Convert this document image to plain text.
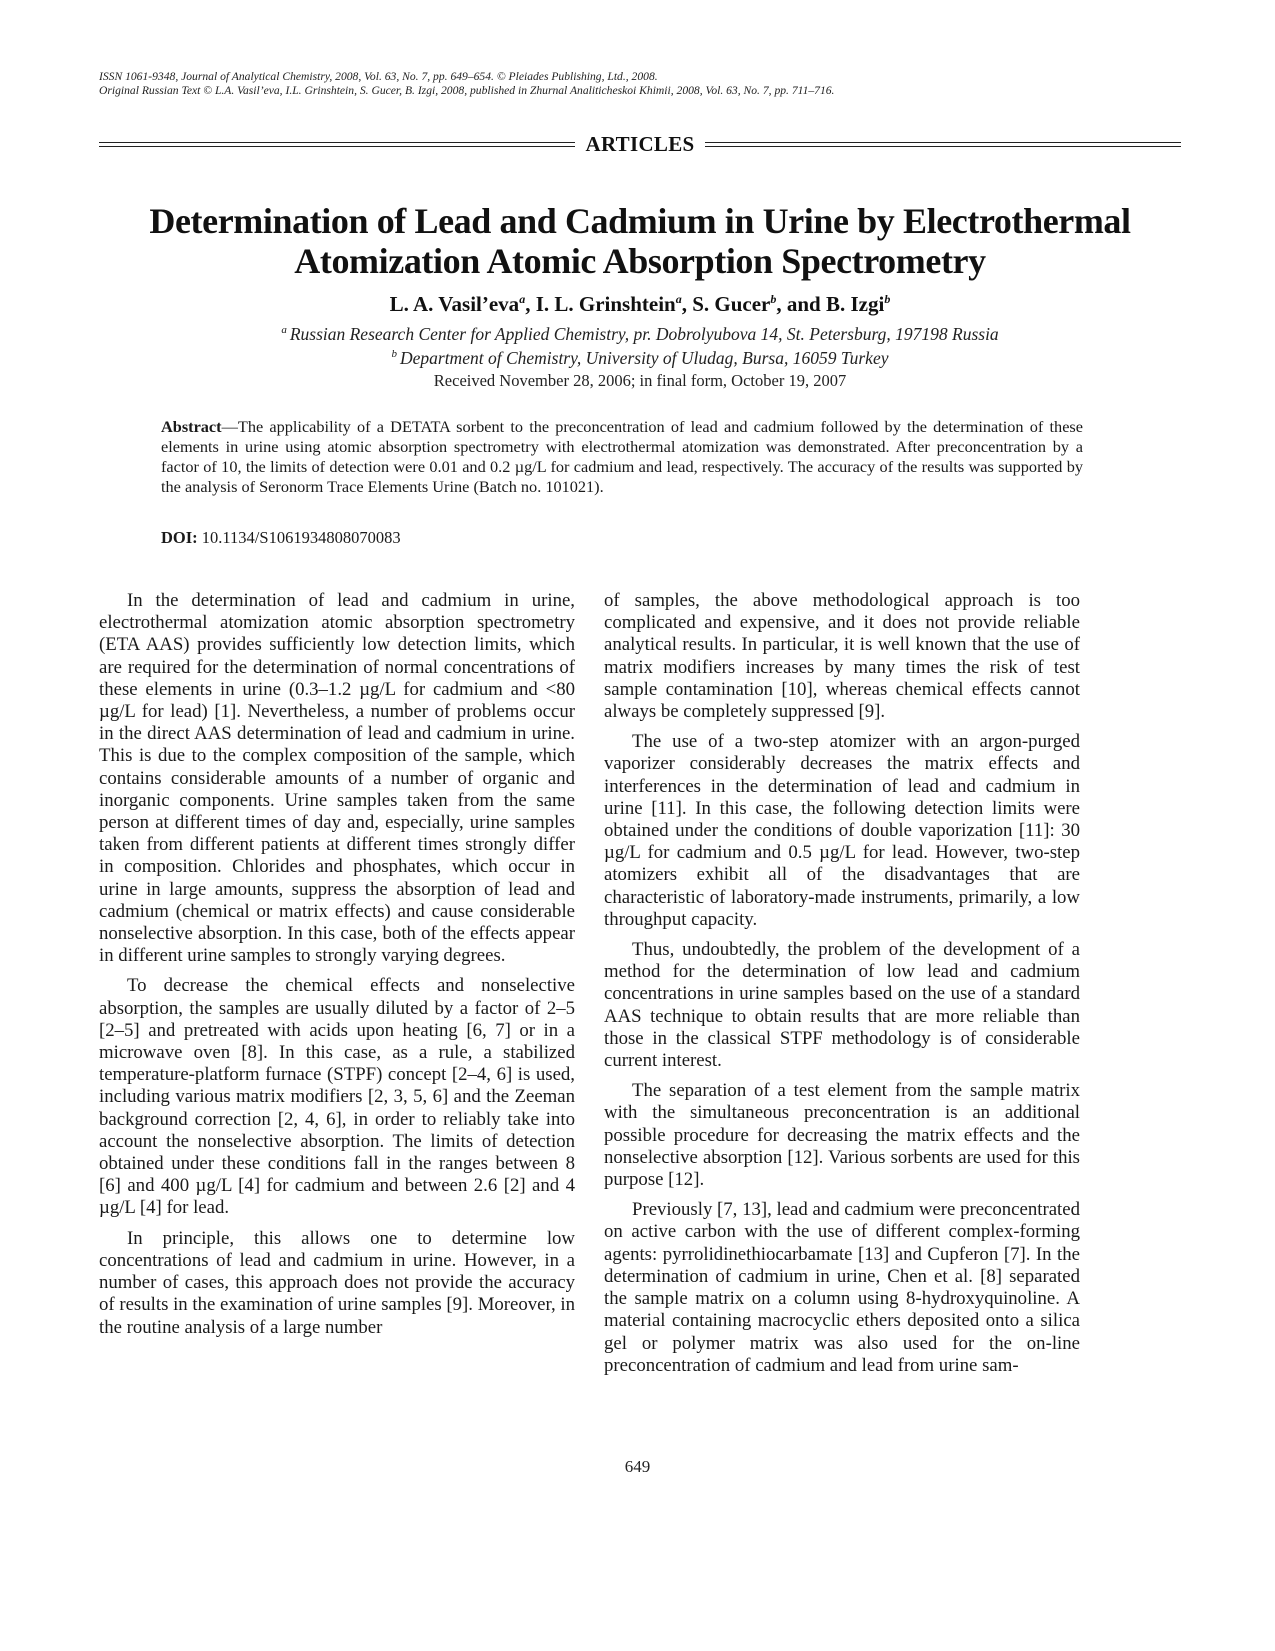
ISSN 1061-9348, Journal of Analytical Chemistry, 2008, Vol. 63, No. 7, pp. 649–654. © Pleiades Publishing, Ltd., 2008.
Original Russian Text © L.A. Vasil’eva, I.L. Grinshtein, S. Gucer, B. Izgi, 2008, published in Zhurnal Analiticheskoi Khimii, 2008, Vol. 63, No. 7, pp. 711–716.
ARTICLES
Determination of Lead and Cadmium in Urine by Electrothermal Atomization Atomic Absorption Spectrometry
L. A. Vasil’eva$^a$, I. L. Grinshtein$^a$, S. Gucer$^b$, and B. Izgi$^b$
$^a$ Russian Research Center for Applied Chemistry, pr. Dobrolyubova 14, St. Petersburg, 197198 Russia
$^b$ Department of Chemistry, University of Uludag, Bursa, 16059 Turkey
Received November 28, 2006; in final form, October 19, 2007
Abstract—The applicability of a DETATA sorbent to the preconcentration of lead and cadmium followed by the determination of these elements in urine using atomic absorption spectrometry with electrothermal atomization was demonstrated. After preconcentration by a factor of 10, the limits of detection were 0.01 and 0.2 µg/L for cadmium and lead, respectively. The accuracy of the results was supported by the analysis of Seronorm Trace Elements Urine (Batch no. 101021).
DOI: 10.1134/S1061934808070083

In the determination of lead and cadmium in urine, electrothermal atomization atomic absorption spectrometry (ETA AAS) provides sufficiently low detection limits, which are required for the determination of normal concentrations of these elements in urine (0.3–1.2 µg/L for cadmium and <80 µg/L for lead) [1]. Nevertheless, a number of problems occur in the direct AAS determination of lead and cadmium in urine. This is due to the complex composition of the sample, which contains considerable amounts of a number of organic and inorganic components. Urine samples taken from the same person at different times of day and, especially, urine samples taken from different patients at different times strongly differ in composition. Chlorides and phosphates, which occur in urine in large amounts, suppress the absorption of lead and cadmium (chemical or matrix effects) and cause considerable nonselective absorption. In this case, both of the effects appear in different urine samples to strongly varying degrees.

To decrease the chemical effects and nonselective absorption, the samples are usually diluted by a factor of 2–5 [2–5] and pretreated with acids upon heating [6, 7] or in a microwave oven [8]. In this case, as a rule, a stabilized temperature-platform furnace (STPF) concept [2–4, 6] is used, including various matrix modifiers [2, 3, 5, 6] and the Zeeman background correction [2, 4, 6], in order to reliably take into account the nonselective absorption. The limits of detection obtained under these conditions fall in the ranges between 8 [6] and 400 µg/L [4] for cadmium and between 2.6 [2] and 4 µg/L [4] for lead.

In principle, this allows one to determine low concentrations of lead and cadmium in urine. However, in a number of cases, this approach does not provide the accuracy of results in the examination of urine samples [9]. Moreover, in the routine analysis of a large number

of samples, the above methodological approach is too complicated and expensive, and it does not provide reliable analytical results. In particular, it is well known that the use of matrix modifiers increases by many times the risk of test sample contamination [10], whereas chemical effects cannot always be completely suppressed [9].

The use of a two-step atomizer with an argon-purged vaporizer considerably decreases the matrix effects and interferences in the determination of lead and cadmium in urine [11]. In this case, the following detection limits were obtained under the conditions of double vaporization [11]: 30 µg/L for cadmium and 0.5 µg/L for lead. However, two-step atomizers exhibit all of the disadvantages that are characteristic of laboratory-made instruments, primarily, a low throughput capacity.

Thus, undoubtedly, the problem of the development of a method for the determination of low lead and cadmium concentrations in urine samples based on the use of a standard AAS technique to obtain results that are more reliable than those in the classical STPF methodology is of considerable current interest.

The separation of a test element from the sample matrix with the simultaneous preconcentration is an additional possible procedure for decreasing the matrix effects and the nonselective absorption [12]. Various sorbents are used for this purpose [12].

Previously [7, 13], lead and cadmium were preconcentrated on active carbon with the use of different complex-forming agents: pyrrolidinethiocarbamate [13] and Cupferon [7]. In the determination of cadmium in urine, Chen et al. [8] separated the sample matrix on a column using 8-hydroxyquinoline. A material containing macrocyclic ethers deposited onto a silica gel or polymer matrix was also used for the on-line preconcentration of cadmium and lead from urine sam-

649
